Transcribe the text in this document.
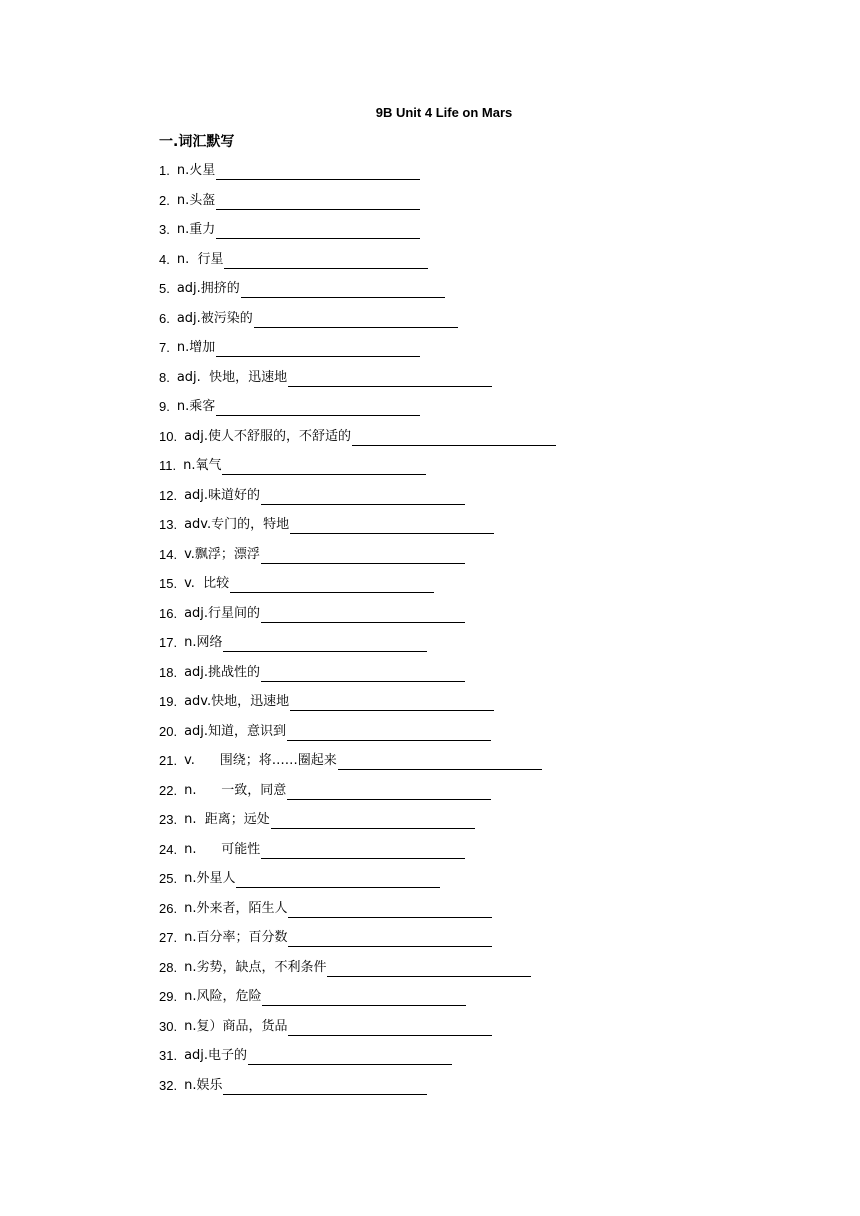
9B Unit 4 Life on Mars
一.词汇默写
1. n.火星
2. n.头盔
3. n.重力
4. n.  行星
5. adj.拥挤的
6. adj.被污染的
7. n.增加
8. adj.  快地，迅速地
9. n.乘客
10. adj.使人不舒服的，不舒适的
11. n.氧气
12. adj.味道好的
13. adv.专门的，特地
14. v.飘浮；漂浮
15. v.  比较
16. adj.行星间的
17. n.网络
18. adj.挑战性的
19. adv.快地，迅速地
20. adj.知道，意识到
21. v.      围绕；将……圈起来
22. n.      一致，同意
23. n.  距离；远处
24. n.      可能性
25. n.外星人
26. n.外来者，陌生人
27. n.百分率；百分数
28. n.劣势，缺点，不利条件
29. n.风险，危险
30. n.复）商品，货品
31. adj.电子的
32. n.娱乐
